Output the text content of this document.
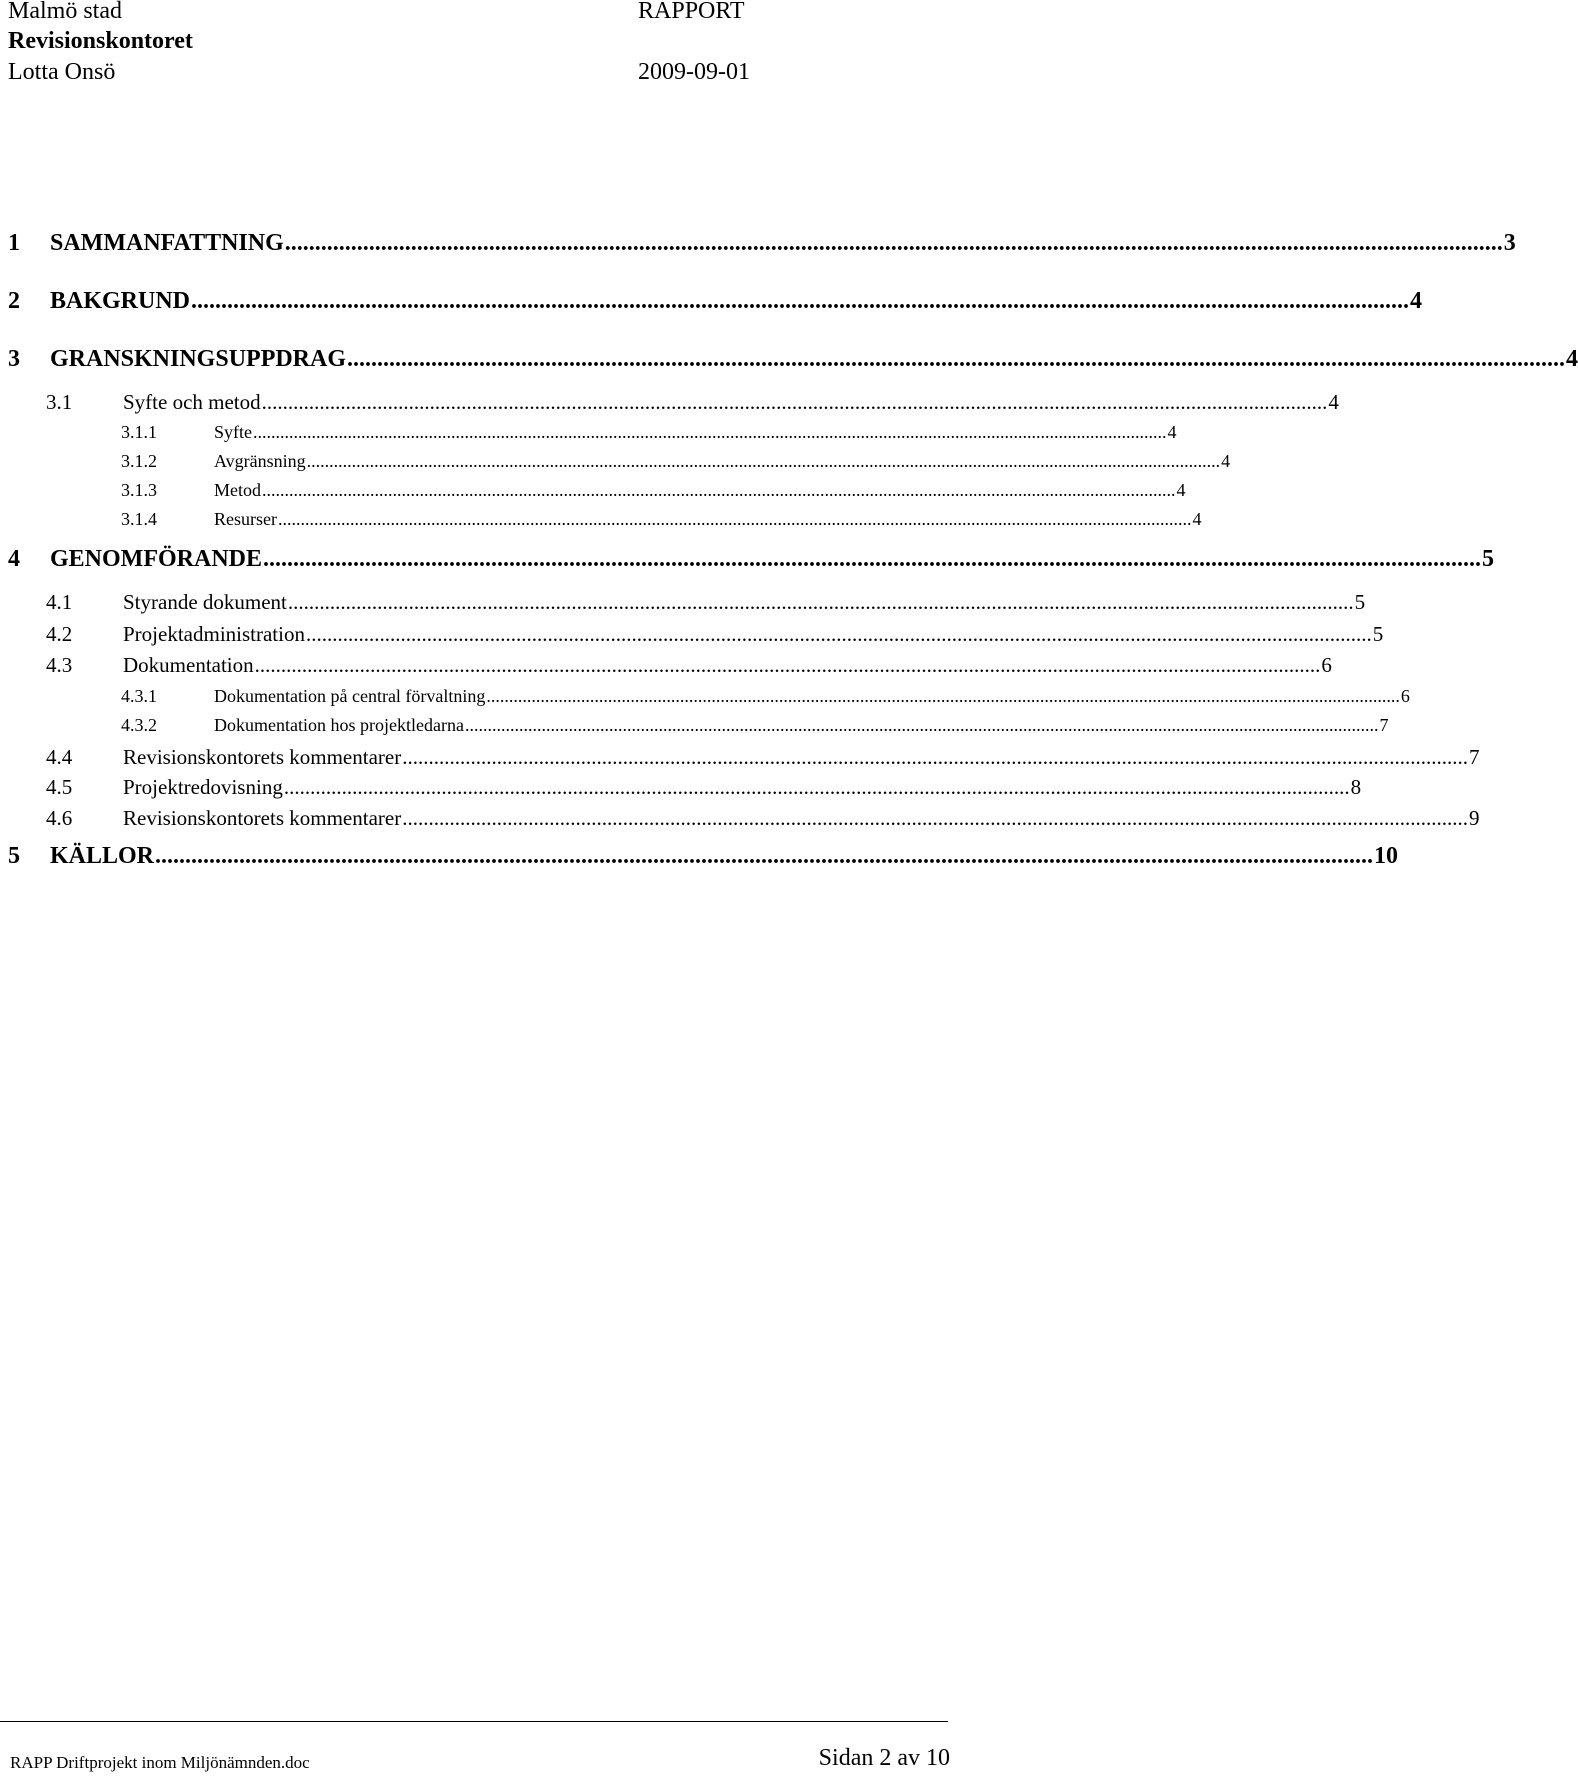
Malmö stad	RAPPORT
Revisionskontoret
Lotta Onsö	2009-09-01
1 SAMMANFATTNING ........................................................................................................................................................................................................... 3
2 BAKGRUND ........................................................................................................................................................................................................... 4
3 GRANSKNINGSUPPDRAG ........................................................................................................................................................................................................... 4
3.1 Syfte och metod ........................................................................................................................................................................................................... 4
3.1.1	Syfte ........................................................................................................................................................................................................... 4
3.1.2	Avgränsning ........................................................................................................................................................................................................... 4
3.1.3	Metod ........................................................................................................................................................................................................... 4
3.1.4	Resurser ........................................................................................................................................................................................................... 4
4 GENOMFÖRANDE ........................................................................................................................................................................................................... 5
4.1 Styrande dokument ........................................................................................................................................................................................................... 5
4.2 Projektadministration ........................................................................................................................................................................................................... 5
4.3 Dokumentation ........................................................................................................................................................................................................... 6
4.3.1	Dokumentation på central förvaltning ........................................................................................................................................................................................................... 6
4.3.2	Dokumentation hos projektledarna ........................................................................................................................................................................................................... 7
4.4 Revisionskontorets kommentarer ........................................................................................................................................................................................................... 7
4.5 Projektredovisning ........................................................................................................................................................................................................... 8
4.6 Revisionskontorets kommentarer ........................................................................................................................................................................................................... 9
5 KÄLLOR ........................................................................................................................................................................................................... 10
RAPP Driftprojekt inom Miljönämnden.doc	Sidan 2 av 10
